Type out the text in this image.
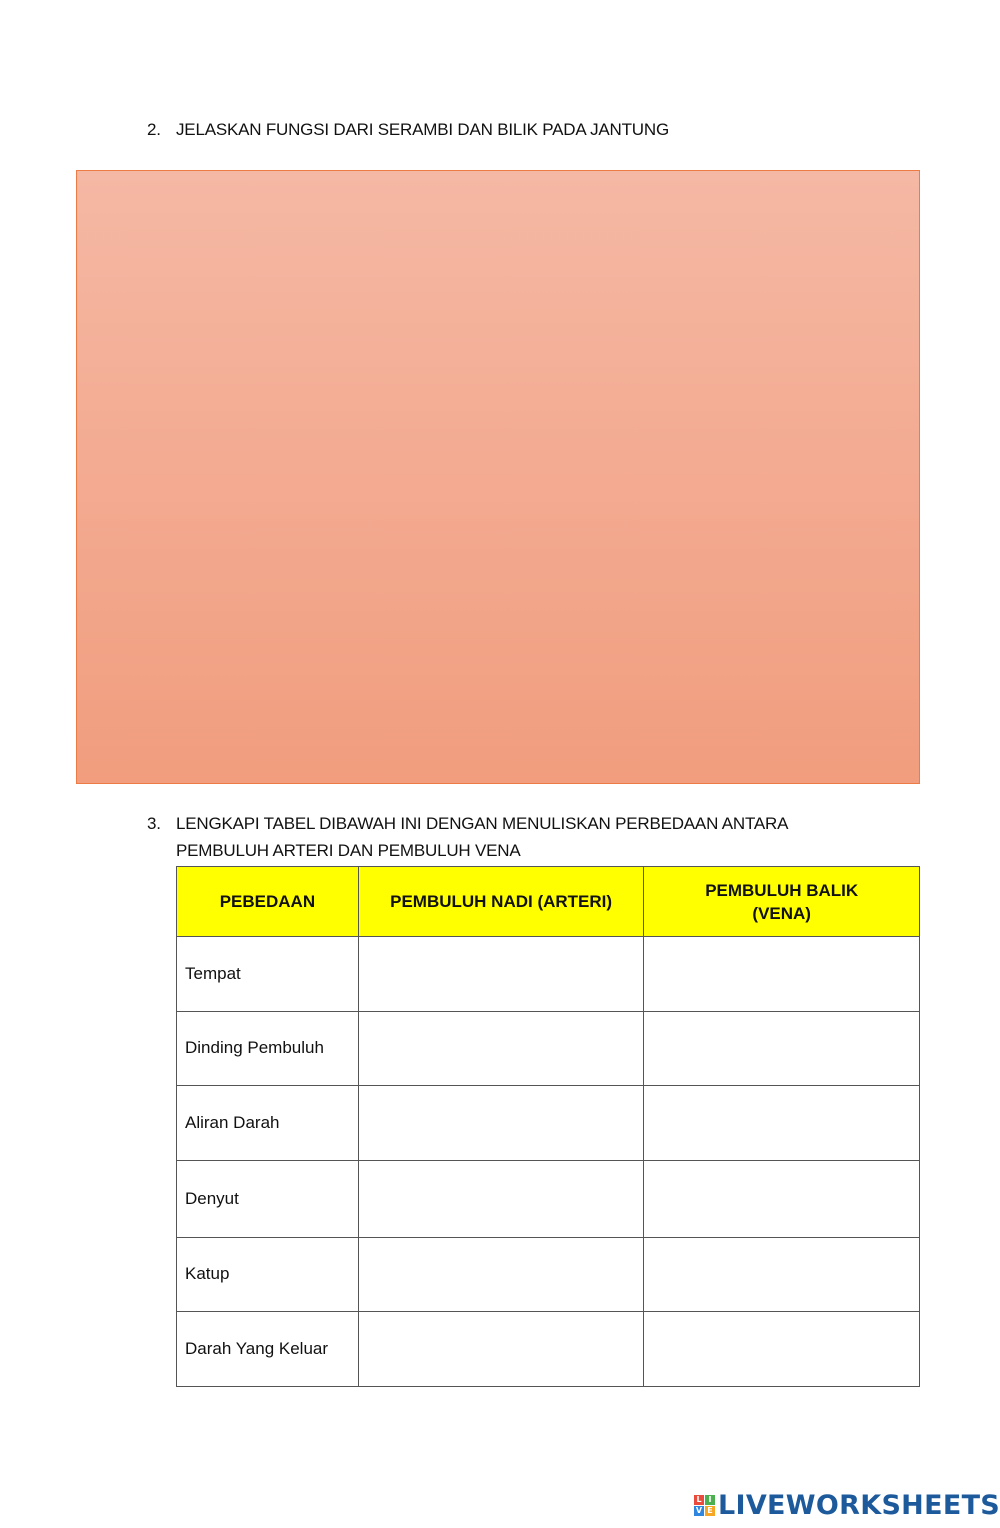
2. JELASKAN FUNGSI DARI SERAMBI DAN BILIK PADA JANTUNG
3. LENGKAPI TABEL DIBAWAH INI DENGAN MENULISKAN PERBEDAAN ANTARA PEMBULUH ARTERI DAN PEMBULUH VENA
PEBEDAAN	PEMBULUH NADI (ARTERI)	PEMBULUH BALIK
(VENA)
Tempat		
Dinding Pembuluh		
Aliran Darah		
Denyut		
Katup		
Darah Yang Keluar		
L I
V E LIVEWORKSHEETS
